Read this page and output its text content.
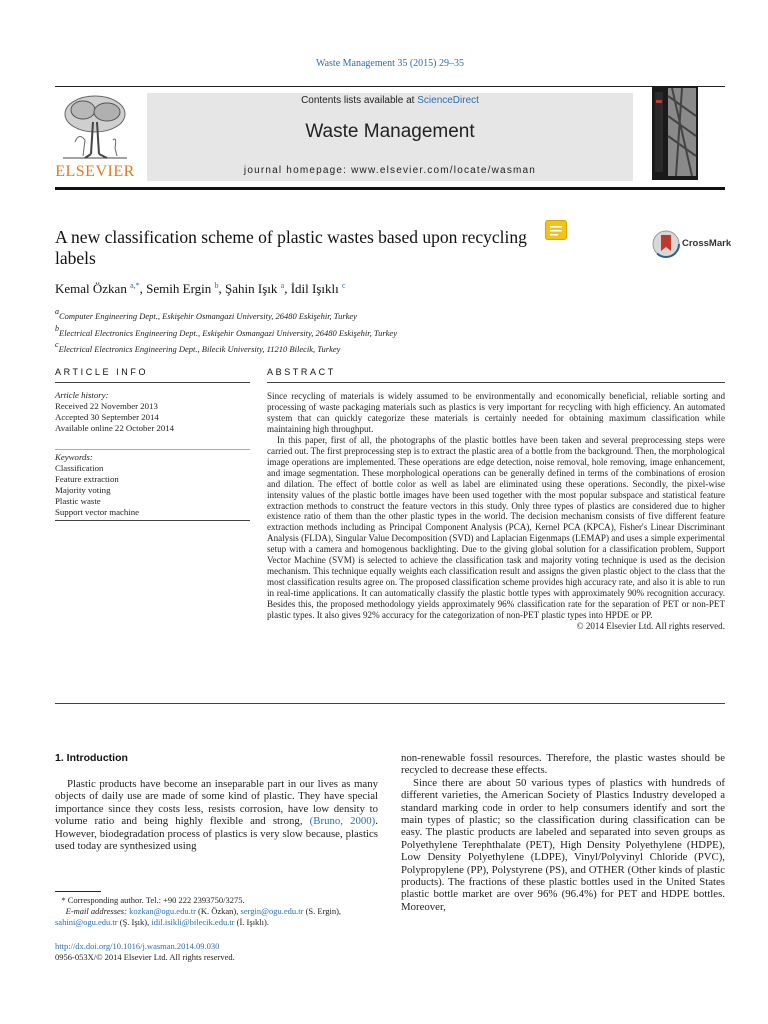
Waste Management 35 (2015) 29–35
ELSEVIER
Contents lists available at ScienceDirect
Waste Management
journal homepage: www.elsevier.com/locate/wasman
A new classification scheme of plastic wastes based upon recycling
labels
CrossMark
Kemal Özkan $^{a,*}$, Semih Ergin $^b$, Şahin Işık $^a$, İdil Işıklı $^c$
$^a$Computer Engineering Dept., Eskişehir Osmangazi University, 26480 Eskişehir, Turkey
$^b$Electrical Electronics Engineering Dept., Eskişehir Osmangazi University, 26480 Eskişehir, Turkey
$^c$Electrical Electronics Engineering Dept., Bilecik University, 11210 Bilecik, Turkey
ARTICLE INFO	ABSTRACT
Article history:
Received 22 November 2013
Accepted 30 September 2014
Available online 22 October 2014
Keywords:
Classification
Feature extraction
Majority voting
Plastic waste
Support vector machine

Since recycling of materials is widely assumed to be environmentally and economically beneficial, reliable sorting and processing of waste packaging materials such as plastics is very important for recycling with high efficiency. An automated system that can quickly categorize these materials is certainly needed for obtaining maximum classification while maintaining high throughput.

In this paper, first of all, the photographs of the plastic bottles have been taken and several preprocessing steps were carried out. The first preprocessing step is to extract the plastic area of a bottle from the background. Then, the morphological image operations are implemented. These operations are edge detection, noise removal, hole removing, image enhancement, and image segmentation. These morphological operations can be generally defined in terms of the combinations of erosion and dilation. The effect of bottle color as well as label are eliminated using these operations. Secondly, the pixel-wise intensity values of the plastic bottle images have been used together with the most popular subspace and statistical feature extraction methods to construct the feature vectors in this study. Only three types of plastics are considered due to higher existence ratio of them than the other plastic types in the world. The decision mechanism consists of five different feature extraction methods including as Principal Component Analysis (PCA), Kernel PCA (KPCA), Fisher's Linear Discriminant Analysis (FLDA), Singular Value Decomposition (SVD) and Laplacian Eigenmaps (LEMAP) and uses a simple experimental setup with a camera and homogenous backlighting. Due to the giving global solution for a classification problem, Support Vector Machine (SVM) is selected to achieve the classification task and majority voting technique is used as the decision mechanism. This technique equally weights each classification result and assigns the given plastic object to the class that the most classification results agree on. The proposed classification scheme provides high accuracy rate, and also it is able to run in real-time applications. It can automatically classify the plastic bottle types with approximately 90% recognition accuracy. Besides this, the proposed methodology yields approximately 96% classification rate for the separation of PET or non-PET plastic types. It also gives 92% accuracy for the categorization of non-PET plastic types into HPDE or PP.

© 2014 Elsevier Ltd. All rights reserved.
1. Introduction

Plastic products have become an inseparable part in our lives as many objects of daily use are made of some kind of plastic. They have special importance since they costs less, resists corrosion, have low density to volume ratio and being highly flexible and strong, (Bruno, 2000). However, biodegradation process of plastics is very slow because, plastics used today are synthesized using

non-renewable fossil resources. Therefore, the plastic wastes should be recycled to decrease these effects.

Since there are about 50 various types of plastics with hundreds of different varieties, the American Society of Plastics Industry developed a standard marking code in order to help consumers identify and sort the main types of plastic; so the classification during classification can be easy. The plastic products are labeled and separated into seven groups as Polyethylene Terephthalate (PET), High Density Polyethylene (HDPE), Low Density Polyethylene (LDPE), Vinyl/Polyvinyl Chloride (PVC), Polypropylene (PP), Polystyrene (PS), and OTHER (Other kinds of plastic products). The fractions of these plastic bottles used in the United States plastic bottle market are over 96% (96.4%) for PET and HDPE bottles. Moreover,

* Corresponding author. Tel.: +90 222 2393750/3275.
E-mail addresses: kozkan@ogu.edu.tr (K. Özkan), sergin@ogu.edu.tr (S. Ergin), sahini@ogu.edu.tr (Ş. Işık), idil.isikli@bilecik.edu.tr (İ. Işıklı).
http://dx.doi.org/10.1016/j.wasman.2014.09.030
0956-053X/© 2014 Elsevier Ltd. All rights reserved.
